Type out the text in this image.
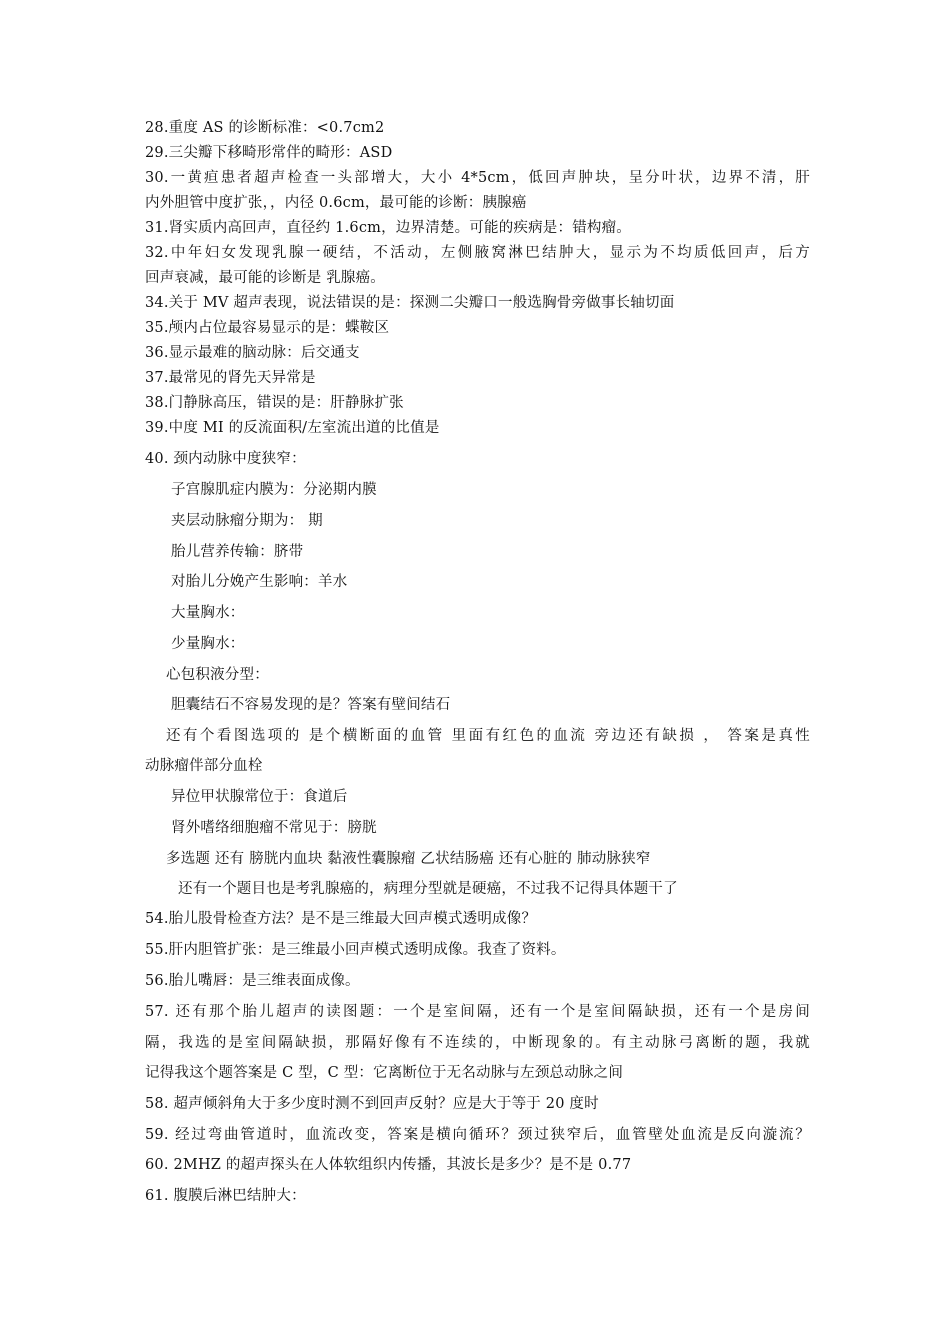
28.重度 AS 的诊断标准：<0.7cm2
29.三尖瓣下移畸形常伴的畸形：ASD
30.一黄疸患者超声检查一头部增大，大小 4*5cm，低回声肿块，呈分叶状，边界不清，肝
内外胆管中度扩张，，内径 0.6cm，最可能的诊断：胰腺癌
31.肾实质内高回声，直径约 1.6cm，边界清楚。可能的疾病是：错构瘤。
32.中年妇女发现乳腺一硬结，不活动，左侧腋窝淋巴结肿大，显示为不均质低回声，后方
回声衰减，最可能的诊断是 乳腺癌。
34.关于 MV 超声表现，说法错误的是：探测二尖瓣口一般选胸骨旁做事长轴切面
35.颅内占位最容易显示的是：蝶鞍区
36.显示最难的脑动脉：后交通支
37.最常见的肾先天异常是
38.门静脉高压，错误的是：肝静脉扩张
39.中度 MI 的反流面积/左室流出道的比值是
40. 颈内动脉中度狭窄：
子宫腺肌症内膜为：分泌期内膜
夹层动脉瘤分期为： 期
胎儿营养传输：脐带
对胎儿分娩产生影响：羊水
大量胸水：
少量胸水：
心包积液分型：
胆囊结石不容易发现的是？答案有壁间结石
还有个看图选项的 是个横断面的血管 里面有红色的血流 旁边还有缺损 ， 答案是真性
动脉瘤伴部分血栓
异位甲状腺常位于：食道后
肾外嗜络细胞瘤不常见于：膀胱
多选题 还有 膀胱内血块 黏液性囊腺瘤 乙状结肠癌 还有心脏的 肺动脉狭窄
还有一个题目也是考乳腺癌的，病理分型就是硬癌，不过我不记得具体题干了
54.胎儿股骨检查方法？是不是三维最大回声模式透明成像？
55.肝内胆管扩张：是三维最小回声模式透明成像。我查了资料。
56.胎儿嘴唇：是三维表面成像。
57. 还有那个胎儿超声的读图题：一个是室间隔，还有一个是室间隔缺损，还有一个是房间
隔，我选的是室间隔缺损，那隔好像有不连续的，中断现象的。有主动脉弓离断的题，我就
记得我这个题答案是 C 型，C 型：它离断位于无名动脉与左颈总动脉之间
58. 超声倾斜角大于多少度时测不到回声反射？应是大于等于 20 度时
59. 经过弯曲管道时，血流改变，答案是横向循环？颈过狭窄后，血管壁处血流是反向漩流？
60. 2MHZ 的超声探头在人体软组织内传播，其波长是多少？是不是 0.77
61. 腹膜后淋巴结肿大：
